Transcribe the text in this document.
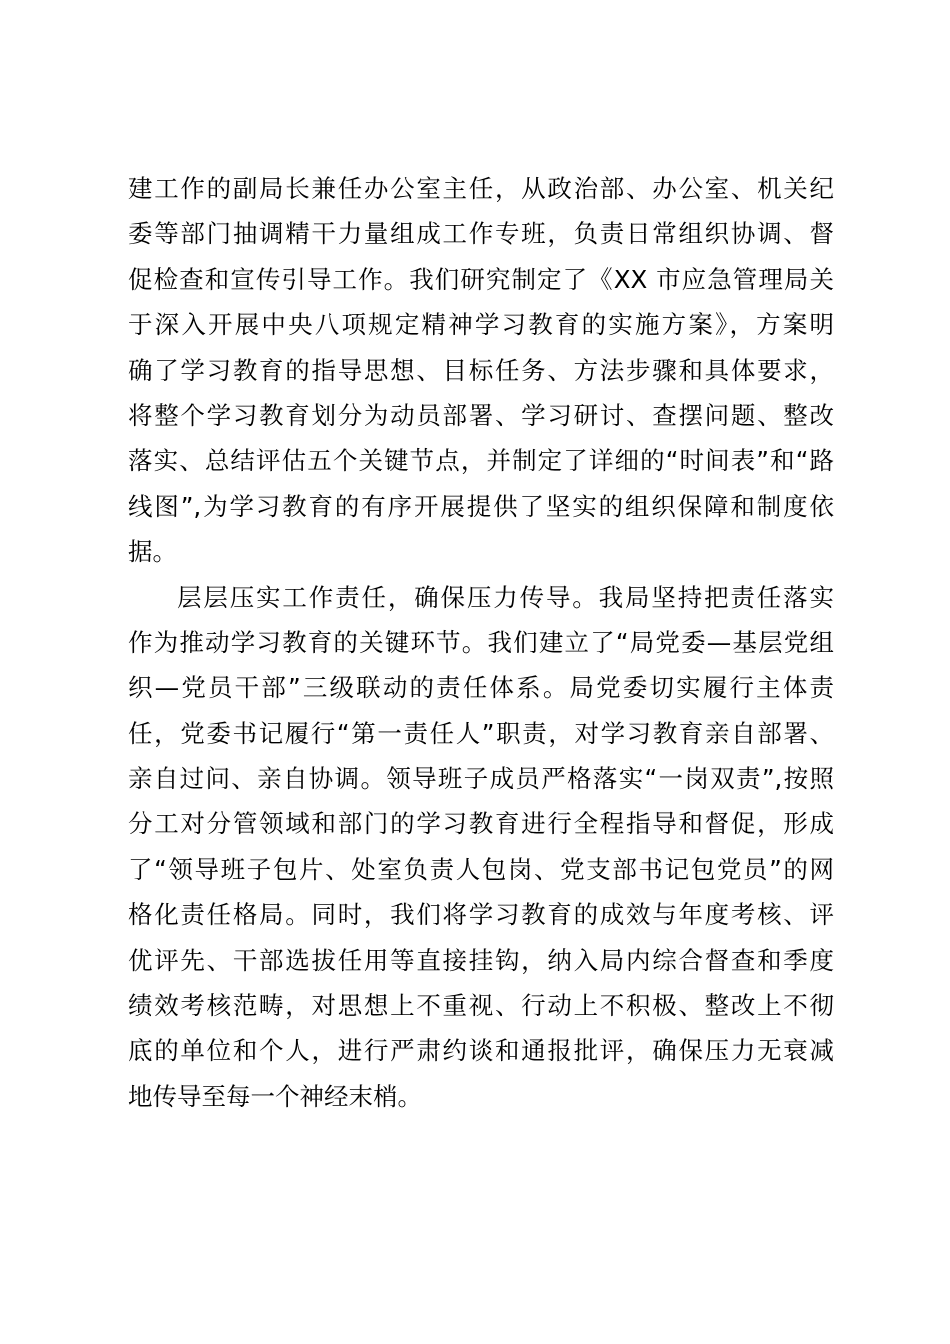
建工作的副局长兼任办公室主任，从政治部、办公室、机关纪
委等部门抽调精干力量组成工作专班，负责日常组织协调、督
促检查和宣传引导工作。我们研究制定了《XX 市应急管理局关
于深入开展中央八项规定精神学习教育的实施方案》，方案明
确了学习教育的指导思想、目标任务、方法步骤和具体要求，
将整个学习教育划分为动员部署、学习研讨、查摆问题、整改
落实、总结评估五个关键节点，并制定了详细的“时间表”和“路
线图”,为学习教育的有序开展提供了坚实的组织保障和制度依
据。
层层压实工作责任，确保压力传导。我局坚持把责任落实
作为推动学习教育的关键环节。我们建立了“局党委—基层党组
织—党员干部”三级联动的责任体系。局党委切实履行主体责
任，党委书记履行“第一责任人”职责，对学习教育亲自部署、
亲自过问、亲自协调。领导班子成员严格落实“一岗双责”,按照
分工对分管领域和部门的学习教育进行全程指导和督促，形成
了“领导班子包片、处室负责人包岗、党支部书记包党员”的网
格化责任格局。同时，我们将学习教育的成效与年度考核、评
优评先、干部选拔任用等直接挂钩，纳入局内综合督查和季度
绩效考核范畴，对思想上不重视、行动上不积极、整改上不彻
底的单位和个人，进行严肃约谈和通报批评，确保压力无衰减
地传导至每一个神经末梢。
